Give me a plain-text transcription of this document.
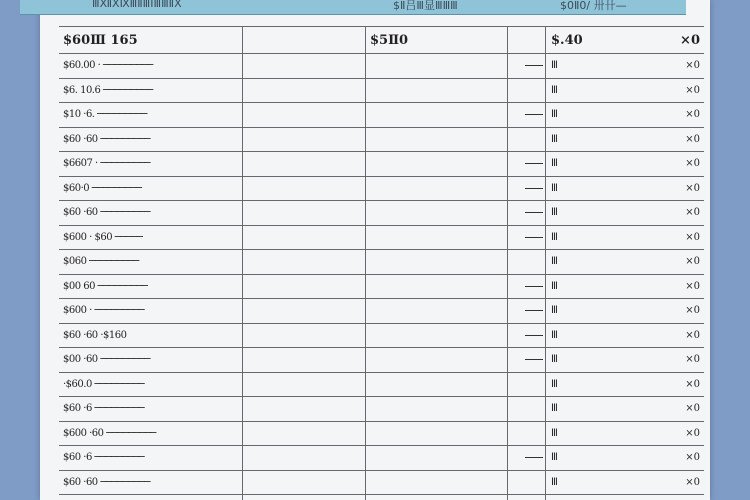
ⅢⅫⅩⅨⅢⅡⅢⅠⅢⅢⅡⅩ	$Ⅱ吕Ⅲ显ⅢⅢⅢ	$0Ⅱ0/ 卅卄—
$60Ⅲ 165		$5Ⅱ0		$.40	×0
$60.00 · ─────────				Ⅲ	×0
$6. 10.6 ─────────				Ⅲ	×0
$10 ·6. ─────────				Ⅲ	×0
$60 ·60 ─────────				Ⅲ	×0
$6607 · ─────────				Ⅲ	×0
$60·0 ─────────				Ⅲ	×0
$60 ·60 ─────────				Ⅲ	×0
$600 · $60 ─────				Ⅲ	×0
$060 ─────────				Ⅲ	×0
$00 60 ─────────				Ⅲ	×0
$600 · ─────────				Ⅲ	×0
$60 ·60 ·$160				Ⅲ	×0
$00 ·60 ─────────				Ⅲ	×0
·$60.0 ─────────				Ⅲ	×0
$60 ·6 ─────────				Ⅲ	×0
$600 ·60 ─────────				Ⅲ	×0
$60 ·6 ─────────				Ⅲ	×0
$60 ·60 ─────────				Ⅲ	×0
